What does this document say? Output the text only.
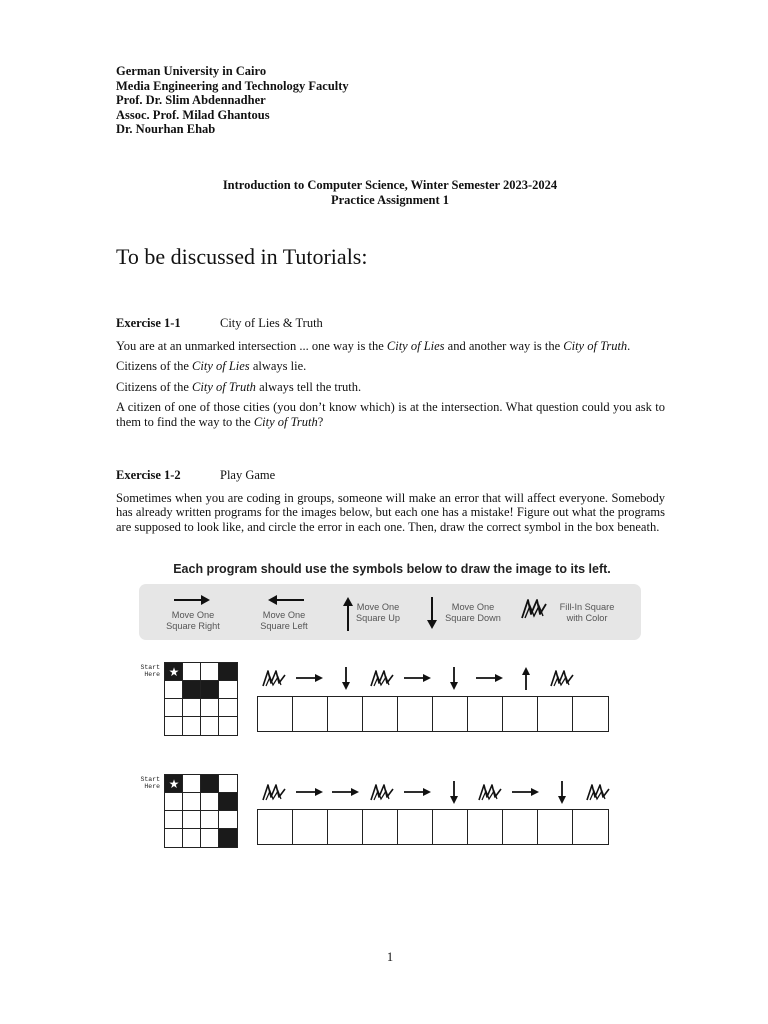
German University in Cairo
Media Engineering and Technology Faculty
Prof. Dr. Slim Abdennadher
Assoc. Prof. Milad Ghantous
Dr. Nourhan Ehab
Introduction to Computer Science, Winter Semester 2023-2024
Practice Assignment 1
To be discussed in Tutorials:

Exercise 1-1	City of Lies & Truth

You are at an unmarked intersection ... one way is the City of Lies and another way is the City of Truth.

Citizens of the City of Lies always lie.

Citizens of the City of Truth always tell the truth.

A citizen of one of those cities (you don’t know which) is at the intersection. What question could you ask to them to find the way to the City of Truth?

Exercise 1-2	Play Game

Sometimes when you are coding in groups, someone will make an error that will affect everyone. Somebody has already written programs for the images below, but each one has a mistake! Figure out what the programs are supposed to look like, and circle the error in each one. Then, draw the correct symbol in the box beneath.

Each program should use the symbols below to draw the image to its left.
Move One
Square Right
Move One
Square Left
Move One
Square Up
Move One
Square Down
Fill-In Square
with Color
Start
Here ★
Start
Here ★
1
